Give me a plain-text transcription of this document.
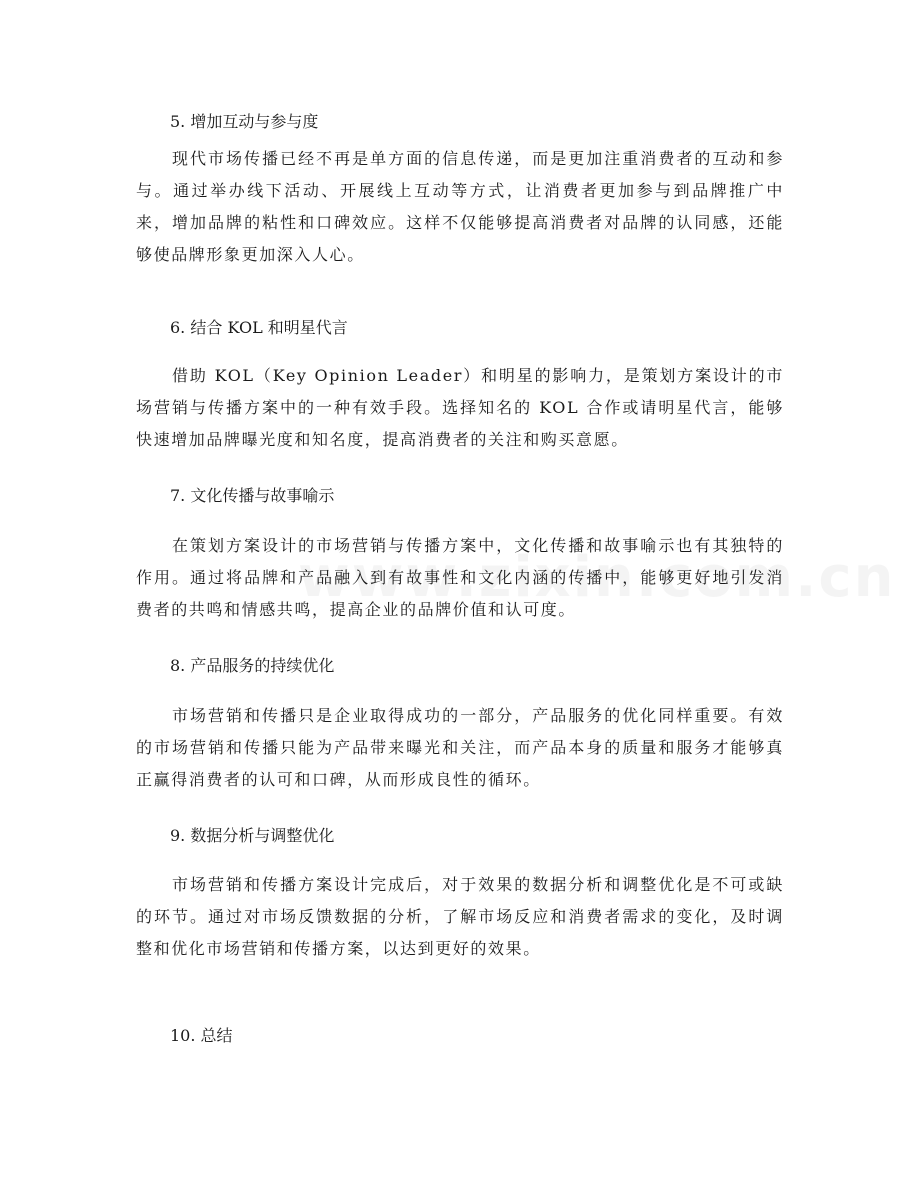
5. 增加互动与参与度

现代市场传播已经不再是单方面的信息传递，而是更加注重消费者的互动和参与。通过举办线下活动、开展线上互动等方式，让消费者更加参与到品牌推广中来，增加品牌的粘性和口碑效应。这样不仅能够提高消费者对品牌的认同感，还能够使品牌形象更加深入人心。

6. 结合 KOL 和明星代言

借助 KOL（Key Opinion Leader）和明星的影响力，是策划方案设计的市场营销与传播方案中的一种有效手段。选择知名的 KOL 合作或请明星代言，能够快速增加品牌曝光度和知名度，提高消费者的关注和购买意愿。

7. 文化传播与故事喻示

在策划方案设计的市场营销与传播方案中，文化传播和故事喻示也有其独特的作用。通过将品牌和产品融入到有故事性和文化内涵的传播中，能够更好地引发消费者的共鸣和情感共鸣，提高企业的品牌价值和认可度。

8. 产品服务的持续优化

市场营销和传播只是企业取得成功的一部分，产品服务的优化同样重要。有效的市场营销和传播只能为产品带来曝光和关注，而产品本身的质量和服务才能够真正赢得消费者的认可和口碑，从而形成良性的循环。

9. 数据分析与调整优化

市场营销和传播方案设计完成后，对于效果的数据分析和调整优化是不可或缺的环节。通过对市场反馈数据的分析，了解市场反应和消费者需求的变化，及时调整和优化市场营销和传播方案，以达到更好的效果。

10. 总结
